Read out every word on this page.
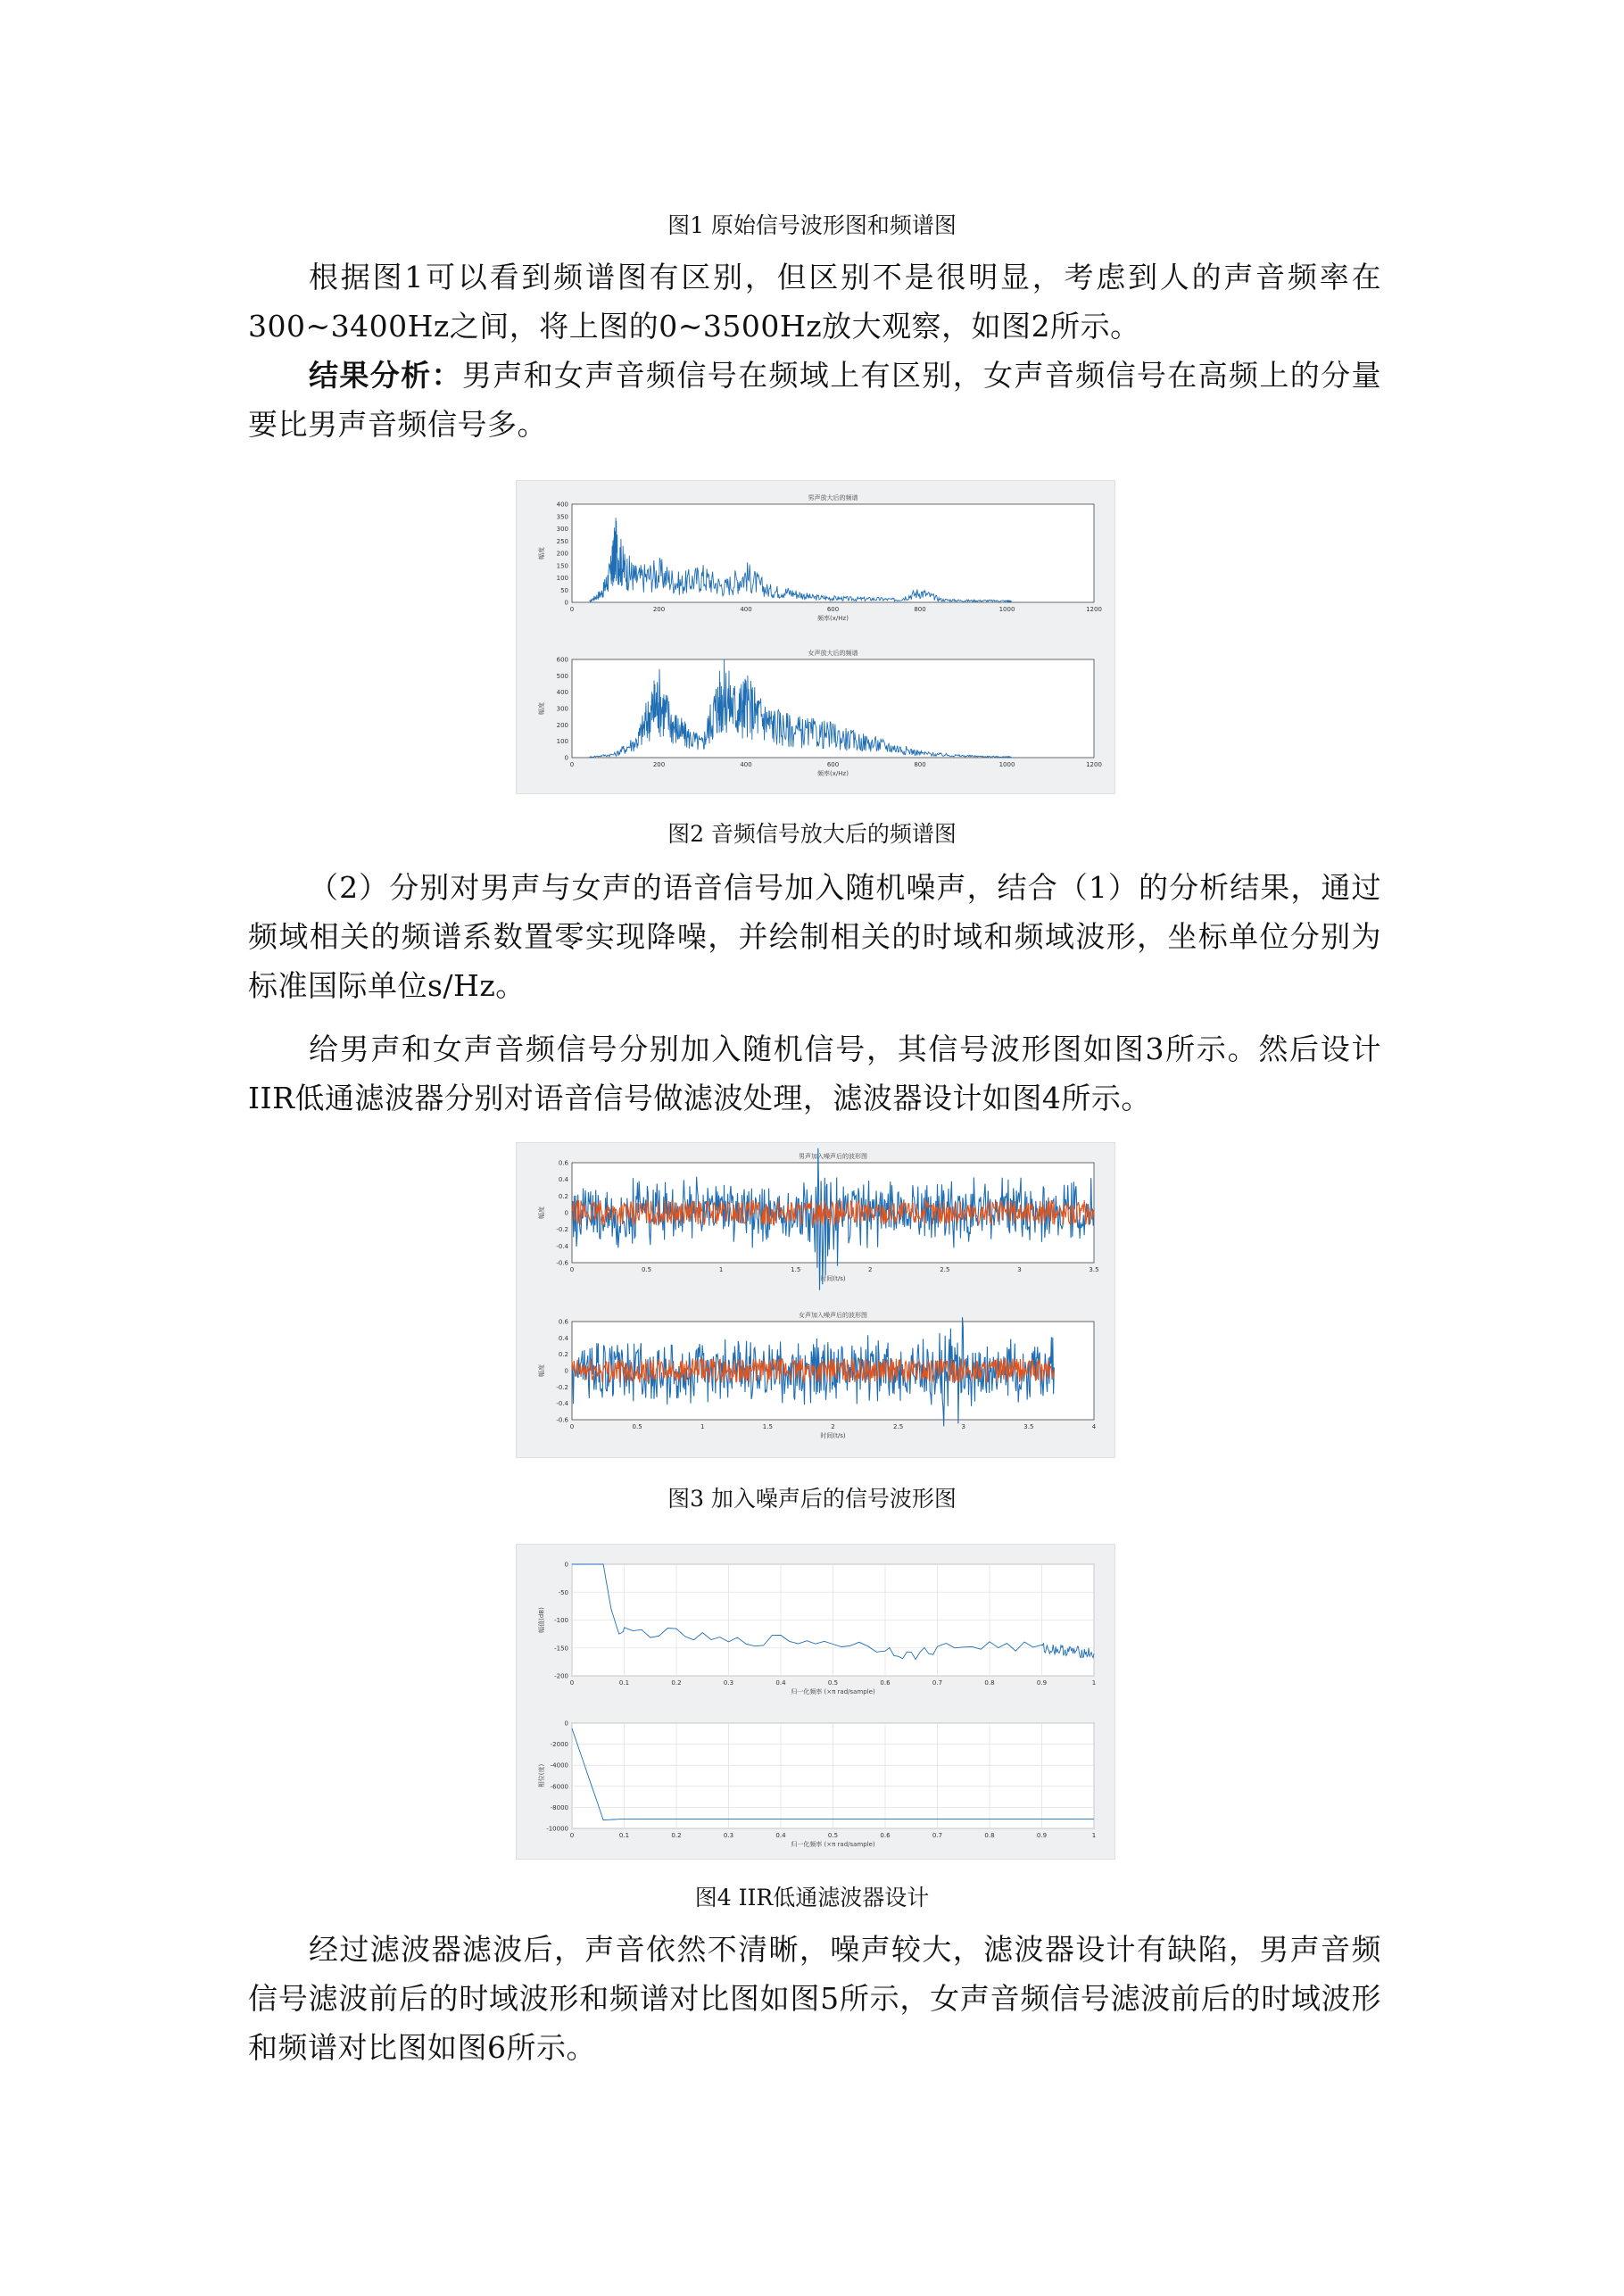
图1 原始信号波形图和频谱图

根据图1可以看到频谱图有区别，但区别不是很明显，考虑到人的声音频率在300~3400Hz之间，将上图的0~3500Hz放大观察，如图2所示。

结果分析：男声和女声音频信号在频域上有区别，女声音频信号在高频上的分量要比男声音频信号多。

0	200	400	600	800	1000	1200
0
50
100
150
200
250
300
350
400
男声放大后的频谱
频率(x/Hz)
幅度
0	200	400	600	800	1000	1200
0
100
200
300
400
500
600
女声放大后的频谱
频率(x/Hz)
幅度
图2 音频信号放大后的频谱图

（2）分别对男声与女声的语音信号加入随机噪声，结合（1）的分析结果，通过频域相关的频谱系数置零实现降噪，并绘制相关的时域和频域波形，坐标单位分别为标准国际单位s/Hz。

给男声和女声音频信号分别加入随机信号，其信号波形图如图3所示。然后设计IIR低通滤波器分别对语音信号做滤波处理，滤波器设计如图4所示。

0	0.5	1	1.5	2	2.5	3	3.5
-0.6
-0.4
-0.2
0
0.2
0.4
0.6
男声加入噪声后的波形图
时间(t/s)
幅度
0	0.5	1	1.5	2	2.5	3	3.5	4
-0.6
-0.4
-0.2
0
0.2
0.4
0.6
女声加入噪声后的波形图
时间(t/s)
幅度
图3 加入噪声后的信号波形图
0	0.1	0.2	0.3	0.4	0.5	0.6	0.7	0.8	0.9	1
-200
-150
-100
-50
0
归一化频率 (×π rad/sample)
幅值(dB)
0	0.1	0.2	0.3	0.4	0.5	0.6	0.7	0.8	0.9	1
-10000
-8000
-6000
-4000
-2000
0
归一化频率 (×π rad/sample)
相位(度)
图4 IIR低通滤波器设计

经过滤波器滤波后，声音依然不清晰，噪声较大，滤波器设计有缺陷，男声音频信号滤波前后的时域波形和频谱对比图如图5所示，女声音频信号滤波前后的时域波形和频谱对比图如图6所示。
